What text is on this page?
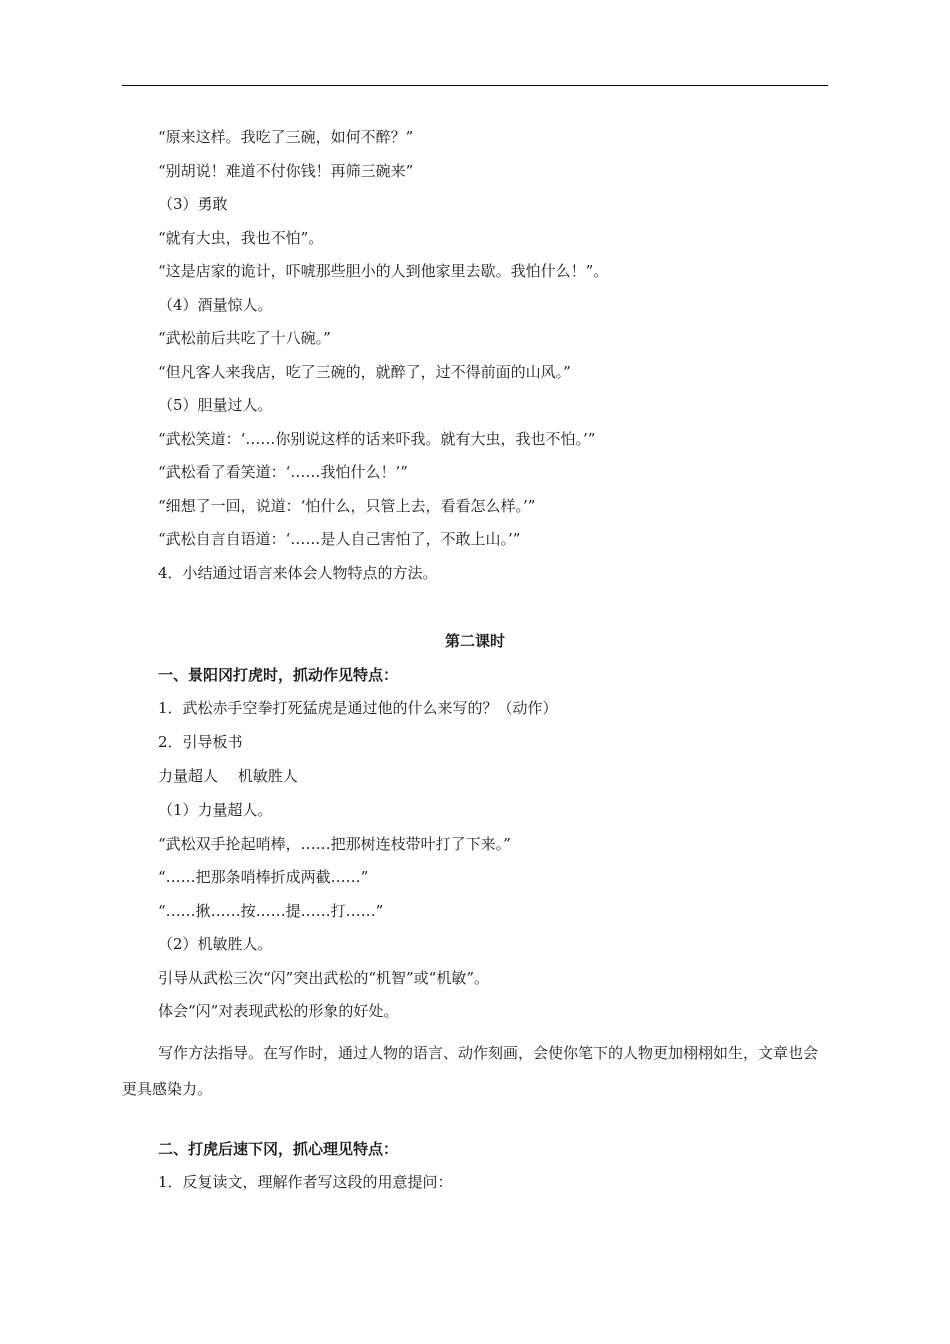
“原来这样。我吃了三碗，如何不醉？”
“别胡说！难道不付你钱！再筛三碗来”
（3）勇敢
“就有大虫，我也不怕”。
“这是店家的诡计，吓唬那些胆小的人到他家里去歇。我怕什么！”。
（4）酒量惊人。
“武松前后共吃了十八碗。”
“但凡客人来我店，吃了三碗的，就醉了，过不得前面的山风。”
（5）胆量过人。
“武松笑道：‘……你别说这样的话来吓我。就有大虫，我也不怕。’”
“武松看了看笑道：‘……我怕什么！’”
“细想了一回，说道：‘怕什么，只管上去，看看怎么样。’”
“武松自言自语道：‘……是人自己害怕了，不敢上山。’”
4．小结通过语言来体会人物特点的方法。
第二课时
一、景阳冈打虎时，抓动作见特点：
1．武松赤手空拳打死猛虎是通过他的什么来写的？（动作）
2．引导板书
力量超人　 机敏胜人
（1）力量超人。
“武松双手抡起哨棒，……把那树连枝带叶打了下来。”
“……把那条哨棒折成两截……”
“……揪……按……提……打……”
（2）机敏胜人。
引导从武松三次“闪”突出武松的“机智”或“机敏”。
体会“闪”对表现武松的形象的好处。
写作方法指导。在写作时，通过人物的语言、动作刻画，会使你笔下的人物更加栩栩如生，文章也会更具感染力。
二、打虎后速下冈，抓心理见特点：
1．反复读文，理解作者写这段的用意提问：
